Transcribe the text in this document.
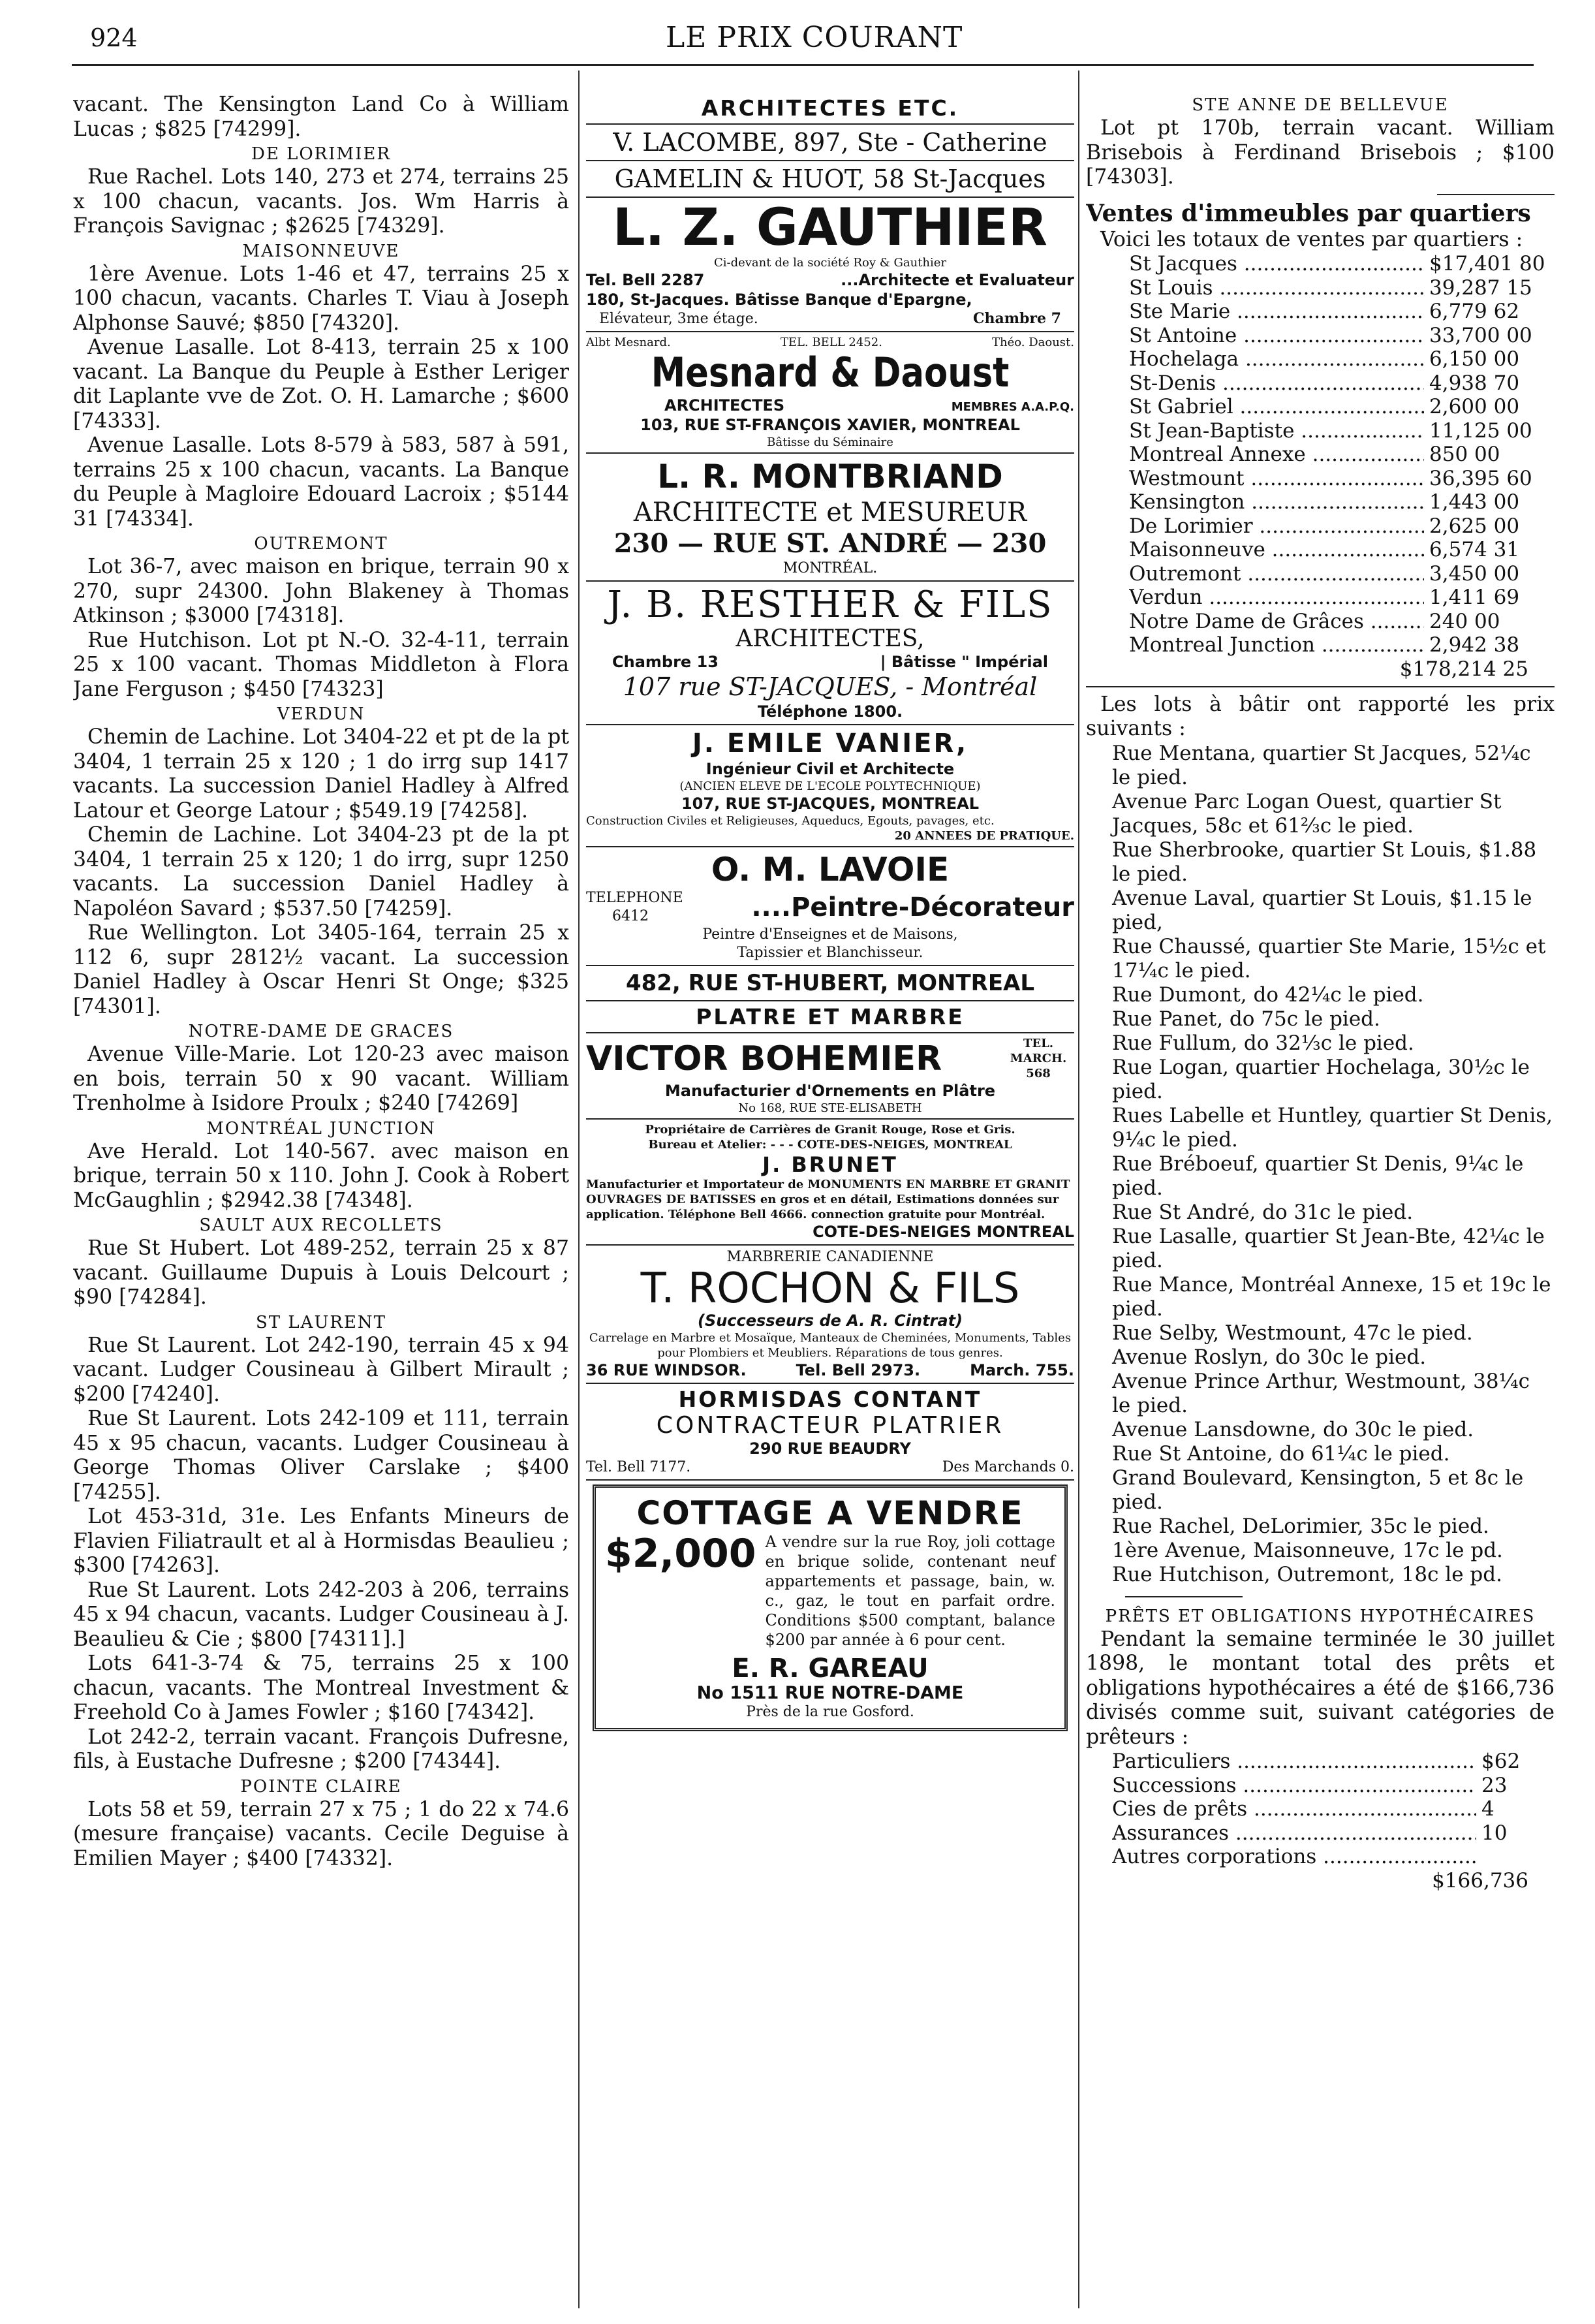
924	LE PRIX COURANT

vacant. The Kensington Land Co à William Lucas ; $825 [74299].

DE LORIMIER

Rue Rachel. Lots 140, 273 et 274, terrains 25 x 100 chacun, vacants. Jos. Wm Harris à François Savignac ; $2625 [74329].

MAISONNEUVE

1ère Avenue. Lots 1-46 et 47, terrains 25 x 100 chacun, vacants. Charles T. Viau à Joseph Alphonse Sauvé; $850 [74320].

Avenue Lasalle. Lot 8-413, terrain 25 x 100 vacant. La Banque du Peuple à Esther Leriger dit Laplante vve de Zot. O. H. Lamarche ; $600 [74333].

Avenue Lasalle. Lots 8-579 à 583, 587 à 591, terrains 25 x 100 chacun, vacants. La Banque du Peuple à Magloire Edouard Lacroix ; $5144 31 [74334].

OUTREMONT

Lot 36-7, avec maison en brique, terrain 90 x 270, supr 24300. John Blakeney à Thomas Atkinson ; $3000 [74318].

Rue Hutchison. Lot pt N.-O. 32-4-11, terrain 25 x 100 vacant. Thomas Middleton à Flora Jane Ferguson ; $450 [74323]

VERDUN

Chemin de Lachine. Lot 3404-22 et pt de la pt 3404, 1 terrain 25 x 120 ; 1 do irrg sup 1417 vacants. La succession Daniel Hadley à Alfred Latour et George Latour ; $549.19 [74258].

Chemin de Lachine. Lot 3404-23 pt de la pt 3404, 1 terrain 25 x 120; 1 do irrg, supr 1250 vacants. La succession Daniel Hadley à Napoléon Savard ; $537.50 [74259].

Rue Wellington. Lot 3405-164, terrain 25 x 112 6, supr 2812½ vacant. La succession Daniel Hadley à Oscar Henri St Onge; $325 [74301].

NOTRE-DAME DE GRACES

Avenue Ville-Marie. Lot 120-23 avec maison en bois, terrain 50 x 90 vacant. William Trenholme à Isidore Proulx ; $240 [74269]

MONTRÉAL JUNCTION

Ave Herald. Lot 140-567. avec maison en brique, terrain 50 x 110. John J. Cook à Robert McGaughlin ; $2942.38 [74348].

SAULT AUX RECOLLETS

Rue St Hubert. Lot 489-252, terrain 25 x 87 vacant. Guillaume Dupuis à Louis Delcourt ; $90 [74284].

ST LAURENT

Rue St Laurent. Lot 242-190, terrain 45 x 94 vacant. Ludger Cousineau à Gilbert Mirault ; $200 [74240].

Rue St Laurent. Lots 242-109 et 111, terrain 45 x 95 chacun, vacants. Ludger Cousineau à George Thomas Oliver Carslake ; $400 [74255].

Lot 453-31d, 31e. Les Enfants Mineurs de Flavien Filiatrault et al à Hormisdas Beaulieu ; $300 [74263].

Rue St Laurent. Lots 242-203 à 206, terrains 45 x 94 chacun, vacants. Ludger Cousineau à J. Beaulieu & Cie ; $800 [74311].]

Lots 641-3-74 & 75, terrains 25 x 100 chacun, vacants. The Montreal Investment & Freehold Co à James Fowler ; $160 [74342].

Lot 242-2, terrain vacant. François Dufresne, fils, à Eustache Dufresne ; $200 [74344].

POINTE CLAIRE

Lots 58 et 59, terrain 27 x 75 ; 1 do 22 x 74.6 (mesure française) vacants. Cecile Deguise à Emilien Mayer ; $400 [74332].

ARCHITECTES ETC.
V. LACOMBE, 897, Ste - Catherine
GAMELIN & HUOT, 58 St-Jacques
L. Z. GAUTHIER
Ci-devant de la société Roy & Gauthier
Tel. Bell 2287	...Architecte et Evaluateur
180, St-Jacques. Bâtisse Banque d'Epargne,
Elévateur, 3me étage.	Chambre 7
Albt Mesnard.	TEL. BELL 2452.	Théo. Daoust.
Mesnard & Daoust
ARCHITECTES	MEMBRES A.A.P.Q.
103, RUE ST-FRANÇOIS XAVIER, MONTREAL
Bâtisse du Séminaire
L. R. MONTBRIAND
ARCHITECTE et MESUREUR
230 — RUE ST. ANDRÉ — 230
MONTRÉAL.
J. B. RESTHER & FILS
ARCHITECTES,
Chambre 13	| Bâtisse " Impérial
107 rue ST-JACQUES, - Montréal
Téléphone 1800.
J. EMILE VANIER,
Ingénieur Civil et Architecte
(ANCIEN ELEVE DE L'ECOLE POLYTECHNIQUE)
107, RUE ST-JACQUES, MONTREAL
Construction Civiles et Religieuses, Aqueducs, Egouts, pavages, etc.
20 ANNEES DE PRATIQUE.
O. M. LAVOIE
TELEPHONE
6412	....Peintre-Décorateur
Peintre d'Enseignes et de Maisons,
Tapissier et Blanchisseur.
482, RUE ST-HUBERT, MONTREAL
PLATRE ET MARBRE
VICTOR BOHEMIER	TEL. MARCH. 568
Manufacturier d'Ornements en Plâtre
No 168, RUE STE-ELISABETH
Propriétaire de Carrières de Granit Rouge, Rose et Gris.
Bureau et Atelier: - - - COTE-DES-NEIGES, MONTREAL
J. BRUNET
Manufacturier et Importateur de MONUMENTS EN MARBRE ET GRANIT OUVRAGES DE BATISSES en gros et en détail, Estimations données sur application. Téléphone Bell 4666. connection gratuite pour Montréal.
COTE-DES-NEIGES MONTREAL
MARBRERIE CANADIENNE
T. ROCHON & FILS
(Successeurs de A. R. Cintrat)
Carrelage en Marbre et Mosaïque, Manteaux de Cheminées, Monuments, Tables pour Plombiers et Meubliers. Réparations de tous genres.
36 RUE WINDSOR.	Tel. Bell 2973.	March. 755.
HORMISDAS CONTANT
CONTRACTEUR PLATRIER
290 RUE BEAUDRY
Tel. Bell 7177.	Des Marchands 0.
COTTAGE A VENDRE
$2,000 A vendre sur la rue Roy, joli cottage en brique solide, contenant neuf appartements et passage, bain, w. c., gaz, le tout en parfait ordre. Conditions $500 comptant, balance $200 par année à 6 pour cent.
E. R. GAREAU
No 1511 RUE NOTRE-DAME
Près de la rue Gosford.
STE ANNE DE BELLEVUE

Lot pt 170b, terrain vacant. William Brisebois à Ferdinand Brisebois ; $100 [74303].

Ventes d'immeubles par quartiers

Voici les totaux de ventes par quartiers :

St Jacques .....	$17,401 80
St Louis .....	39,287 15
Ste Marie .....	6,779 62
St Antoine .....	33,700 00
Hochelaga .....	6,150 00
St-Denis .....	4,938 70
St Gabriel .....	2,600 00
St Jean-Baptiste .....	11,125 00
Montreal Annexe .....	850 00
Westmount .....	36,395 60
Kensington .....	1,443 00
De Lorimier .....	2,625 00
Maisonneuve .....	6,574 31
Outremont .....	3,450 00
Verdun .....	1,411 69
Notre Dame de Grâces .....	240 00
Montreal Junction .....	2,942 38
$178,214 25

Les lots à bâtir ont rapporté les prix suivants :

Rue Mentana, quartier St Jacques, 52¼c le pied.

Avenue Parc Logan Ouest, quartier St Jacques, 58c et 61⅔c le pied.

Rue Sherbrooke, quartier St Louis, $1.88 le pied.

Avenue Laval, quartier St Louis, $1.15 le pied,

Rue Chaussé, quartier Ste Marie, 15½c et 17¼c le pied.

Rue Dumont, do 42¼c le pied.

Rue Panet, do 75c le pied.

Rue Fullum, do 32⅓c le pied.

Rue Logan, quartier Hochelaga, 30½c le pied.

Rues Labelle et Huntley, quartier St Denis, 9¼c le pied.

Rue Bréboeuf, quartier St Denis, 9¼c le pied.

Rue St André, do 31c le pied.

Rue Lasalle, quartier St Jean-Bte, 42¼c le pied.

Rue Mance, Montréal Annexe, 15 et 19c le pied.

Rue Selby, Westmount, 47c le pied.

Avenue Roslyn, do 30c le pied.

Avenue Prince Arthur, Westmount, 38¼c le pied.

Avenue Lansdowne, do 30c le pied.

Rue St Antoine, do 61¼c le pied.

Grand Boulevard, Kensington, 5 et 8c le pied.

Rue Rachel, DeLorimier, 35c le pied.

1ère Avenue, Maisonneuve, 17c le pd.

Rue Hutchison, Outremont, 18c le pd.

PRÊTS ET OBLIGATIONS HYPOTHÉCAIRES

Pendant la semaine terminée le 30 juillet 1898, le montant total des prêts et obligations hypothécaires a été de $166,736 divisés comme suit, suivant catégories de prêteurs :

Particuliers .....	$62
Successions .....	23
Cies de prêts .....	4
Assurances .....	10
Autres corporations .....
$166,736
